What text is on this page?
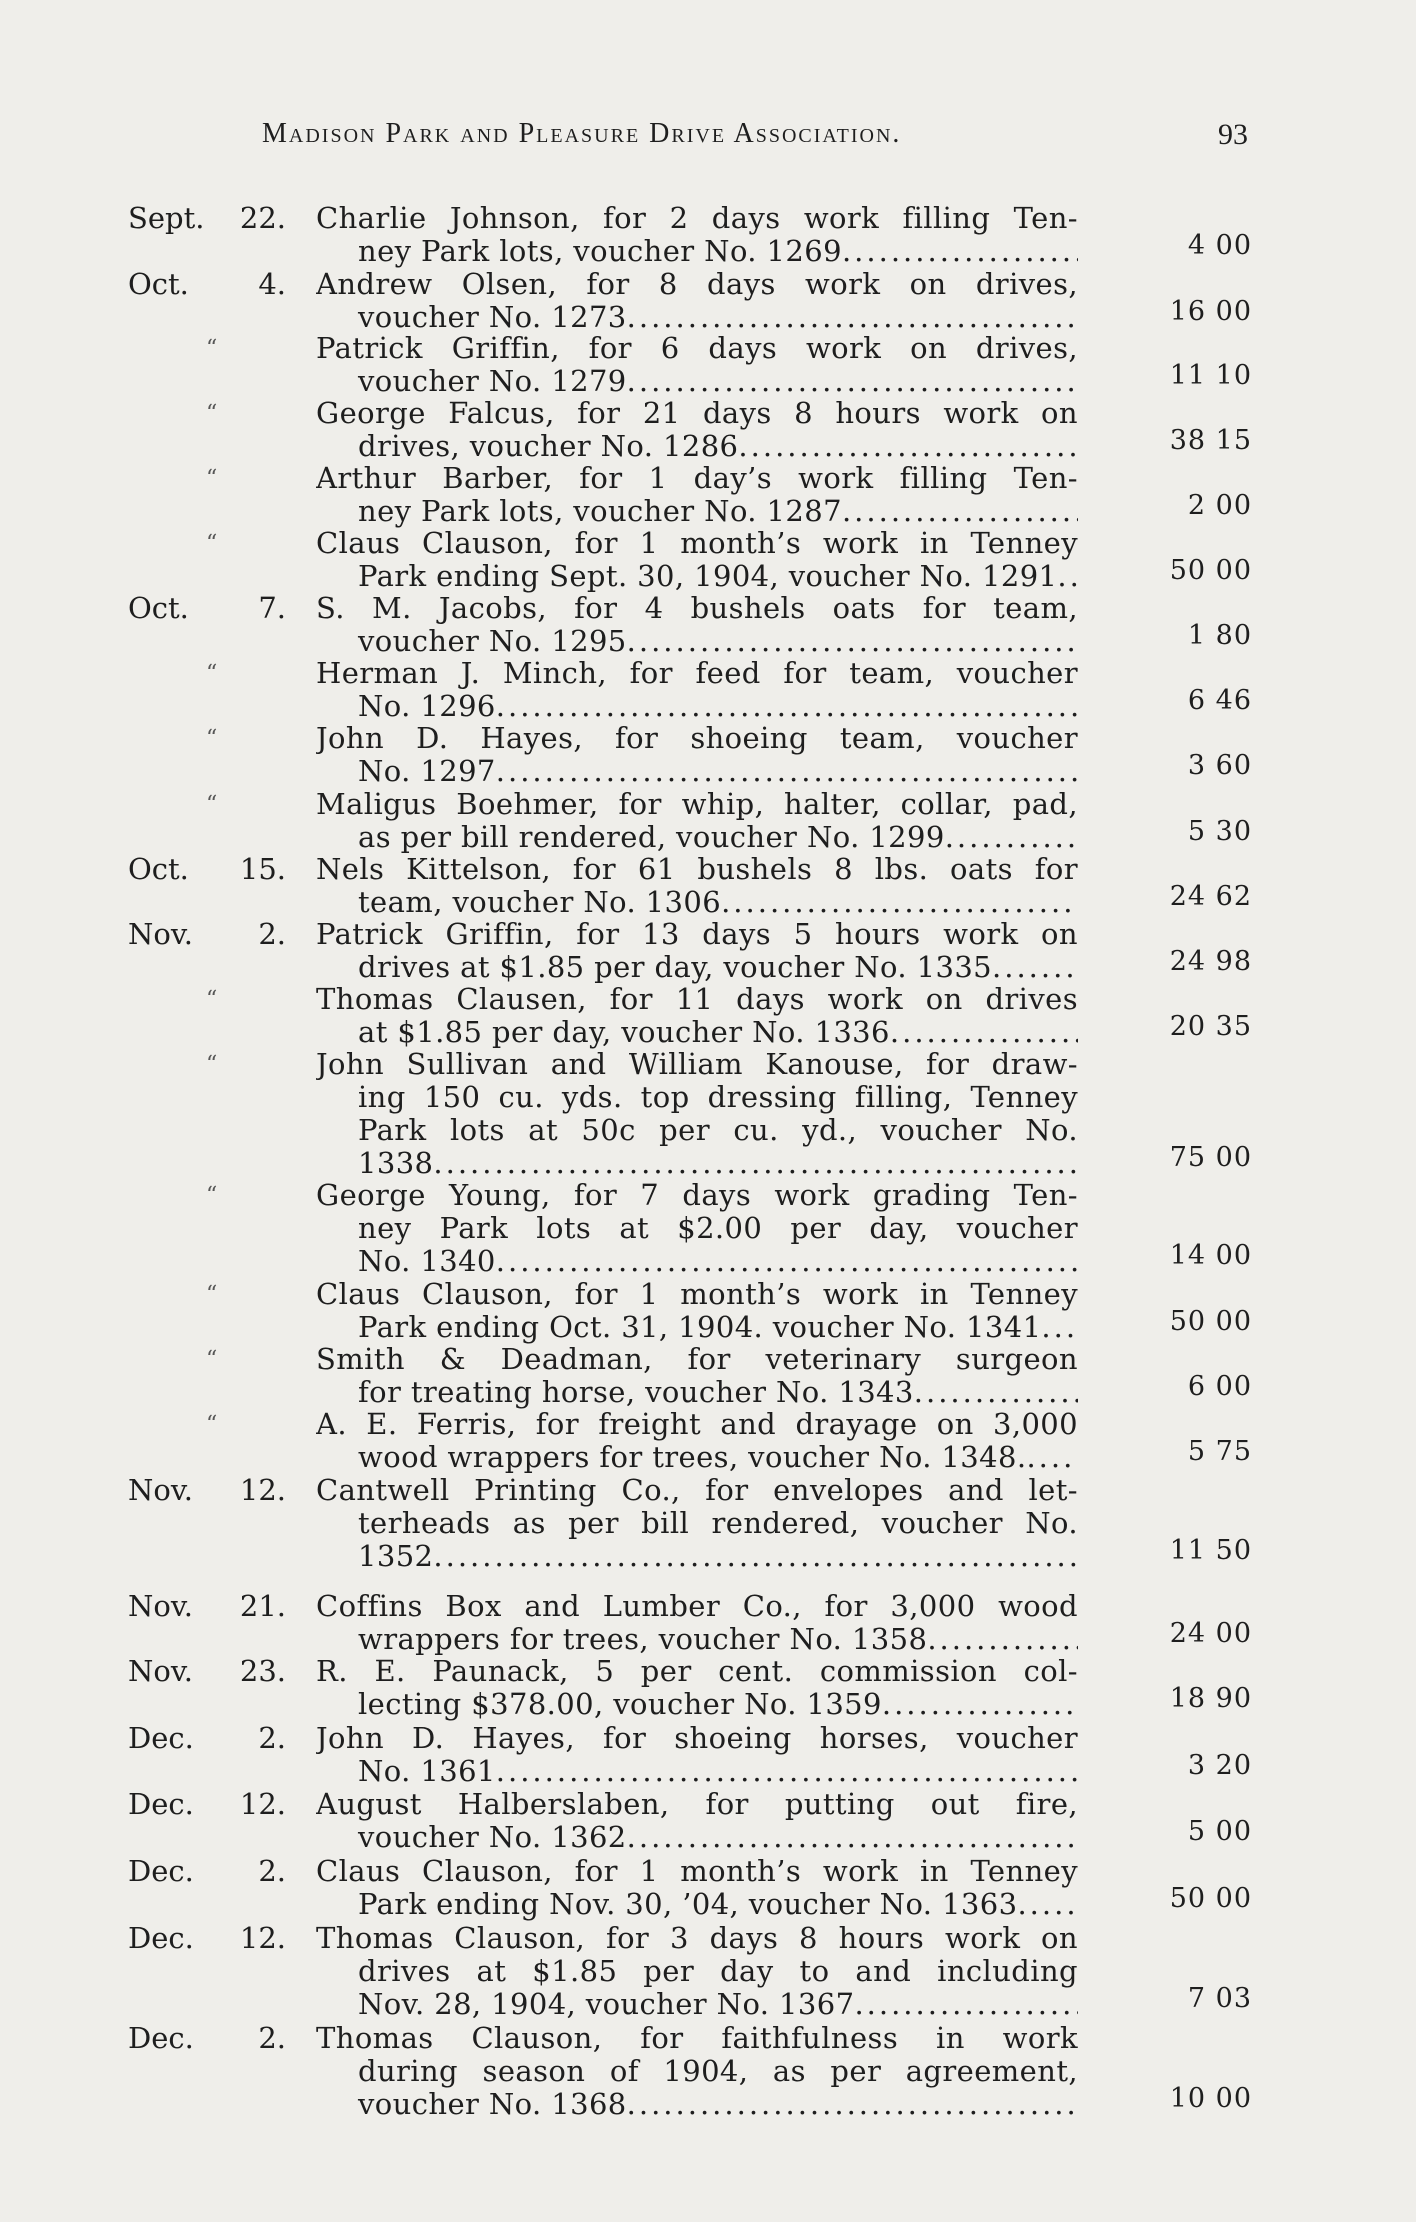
Madison Park and Pleasure Drive Association.	93
Sept.	22. Charlie Johnson, for 2 days work filling Ten-
ney Park lots, voucher No. 1269 .....	4 00
Oct.	4. Andrew Olsen, for 8 days work on drives,
voucher No. 1273 .....	16 00
“	Patrick Griffin, for 6 days work on drives,
voucher No. 1279 .....	11 10
“	George Falcus, for 21 days 8 hours work on
drives, voucher No. 1286 .....	38 15
“	Arthur Barber, for 1 day’s work filling Ten-
ney Park lots, voucher No. 1287 .....	2 00
“	Claus Clauson, for 1 month’s work in Tenney
Park ending Sept. 30, 1904, voucher No. 1291 .....	50 00
Oct.	7. S. M. Jacobs, for 4 bushels oats for team,
voucher No. 1295 .....	1 80
“	Herman J. Minch, for feed for team, voucher
No. 1296 .....	6 46
“	John D. Hayes, for shoeing team, voucher
No. 1297 .....	3 60
“	Maligus Boehmer, for whip, halter, collar, pad,
as per bill rendered, voucher No. 1299 .....	5 30
Oct.	15. Nels Kittelson, for 61 bushels 8 lbs. oats for
team, voucher No. 1306 .....	24 62
Nov.	2. Patrick Griffin, for 13 days 5 hours work on
drives at $1.85 per day, voucher No. 1335 .....	24 98
“	Thomas Clausen, for 11 days work on drives
at $1.85 per day, voucher No. 1336 .....	20 35
“	John Sullivan and William Kanouse, for draw-
ing 150 cu. yds. top dressing filling, Tenney
Park lots at 50c per cu. yd., voucher No.
1338 .....	75 00
“	George Young, for 7 days work grading Ten-
ney Park lots at $2.00 per day, voucher
No. 1340 .....	14 00
“	Claus Clauson, for 1 month’s work in Tenney
Park ending Oct. 31, 1904. voucher No. 1341 .....	50 00
“	Smith & Deadman, for veterinary surgeon
for treating horse, voucher No. 1343 .....	6 00
“	A. E. Ferris, for freight and drayage on 3,000
wood wrappers for trees, voucher No. 1348. .....	5 75
Nov.	12. Cantwell Printing Co., for envelopes and let-
terheads as per bill rendered, voucher No.
1352 .....	11 50
Nov.	21. Coffins Box and Lumber Co., for 3,000 wood
wrappers for trees, voucher No. 1358 .....	24 00
Nov.	23. R. E. Paunack, 5 per cent. commission col-
lecting $378.00, voucher No. 1359 .....	18 90
Dec.	2. John D. Hayes, for shoeing horses, voucher
No. 1361 .....	3 20
Dec.	12. August Halberslaben, for putting out fire,
voucher No. 1362 .....	5 00
Dec.	2. Claus Clauson, for 1 month’s work in Tenney
Park ending Nov. 30, ’04, voucher No. 1363 .....	50 00
Dec.	12. Thomas Clauson, for 3 days 8 hours work on
drives at $1.85 per day to and including
Nov. 28, 1904, voucher No. 1367 .....	7 03
Dec.	2. Thomas Clauson, for faithfulness in work
during season of 1904, as per agreement,
voucher No. 1368 .....	10 00
